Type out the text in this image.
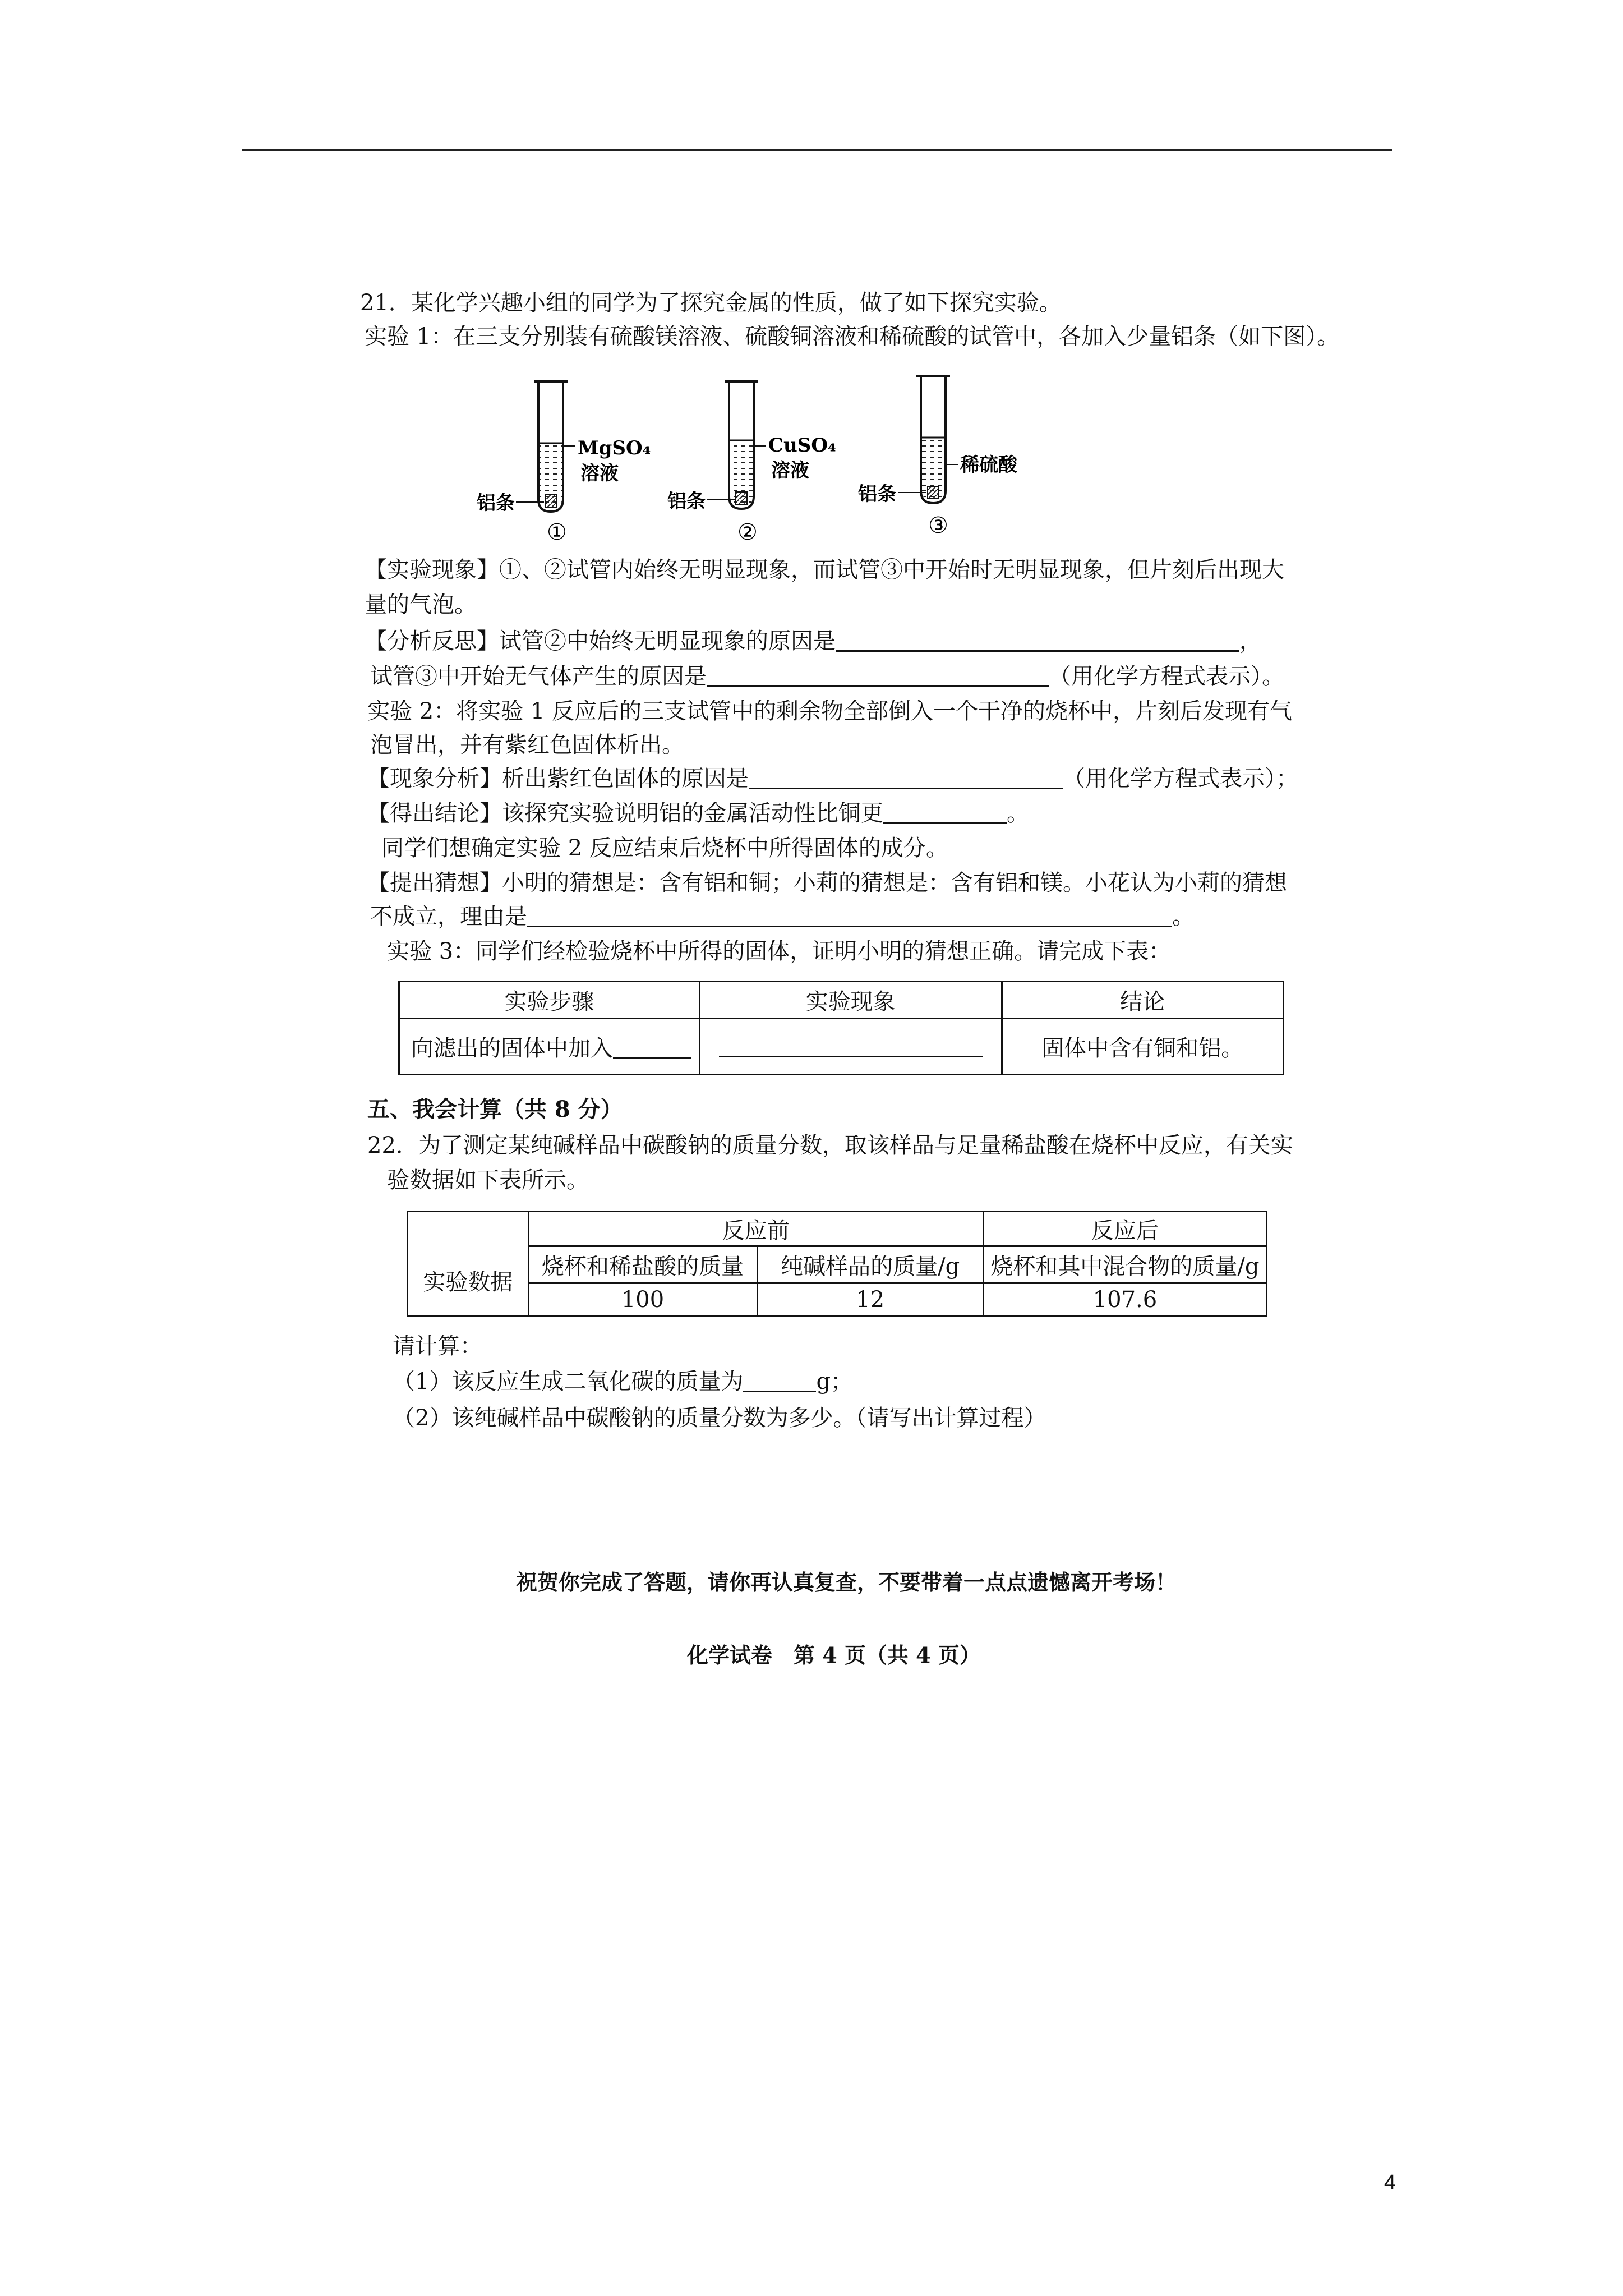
21．某化学兴趣小组的同学为了探究金属的性质，做了如下探究实验。
实验 1：在三支分别装有硫酸镁溶液、硫酸铜溶液和稀硫酸的试管中，各加入少量铝条（如下图）。
MgSO₄
溶液
铝条
①
CuSO₄
溶液
铝条
②
稀硫酸
铝条
③
【实验现象】①、②试管内始终无明显现象，而试管③中开始时无明显现象，但片刻后出现大
量的气泡。
【分析反思】试管②中始终无明显现象的原因是	，
试管③中开始无气体产生的原因是	（用化学方程式表示）。
实验 2：将实验 1 反应后的三支试管中的剩余物全部倒入一个干净的烧杯中，片刻后发现有气
泡冒出，并有紫红色固体析出。
【现象分析】析出紫红色固体的原因是	（用化学方程式表示）；
【得出结论】该探究实验说明铝的金属活动性比铜更	。
同学们想确定实验 2 反应结束后烧杯中所得固体的成分。
【提出猜想】小明的猜想是：含有铝和铜；小莉的猜想是：含有铝和镁。小花认为小莉的猜想
不成立，理由是	。
实验 3：同学们经检验烧杯中所得的固体，证明小明的猜想正确。请完成下表：
实验步骤	实验现象	结论
向滤出的固体中加入		固体中含有铜和铝。
五、我会计算（共 8 分）
22．为了测定某纯碱样品中碳酸钠的质量分数，取该样品与足量稀盐酸在烧杯中反应，有关实
验数据如下表所示。
	反应前		反应后
实验数据	烧杯和稀盐酸的质量	纯碱样品的质量/g	烧杯和其中混合物的质量/g
	100	12	107.6
请计算：
（1）该反应生成二氧化碳的质量为	g；
（2）该纯碱样品中碳酸钠的质量分数为多少。（请写出计算过程）
祝贺你完成了答题，请你再认真复查，不要带着一点点遗憾离开考场！
化学试卷　第 4 页（共 4 页）
4
